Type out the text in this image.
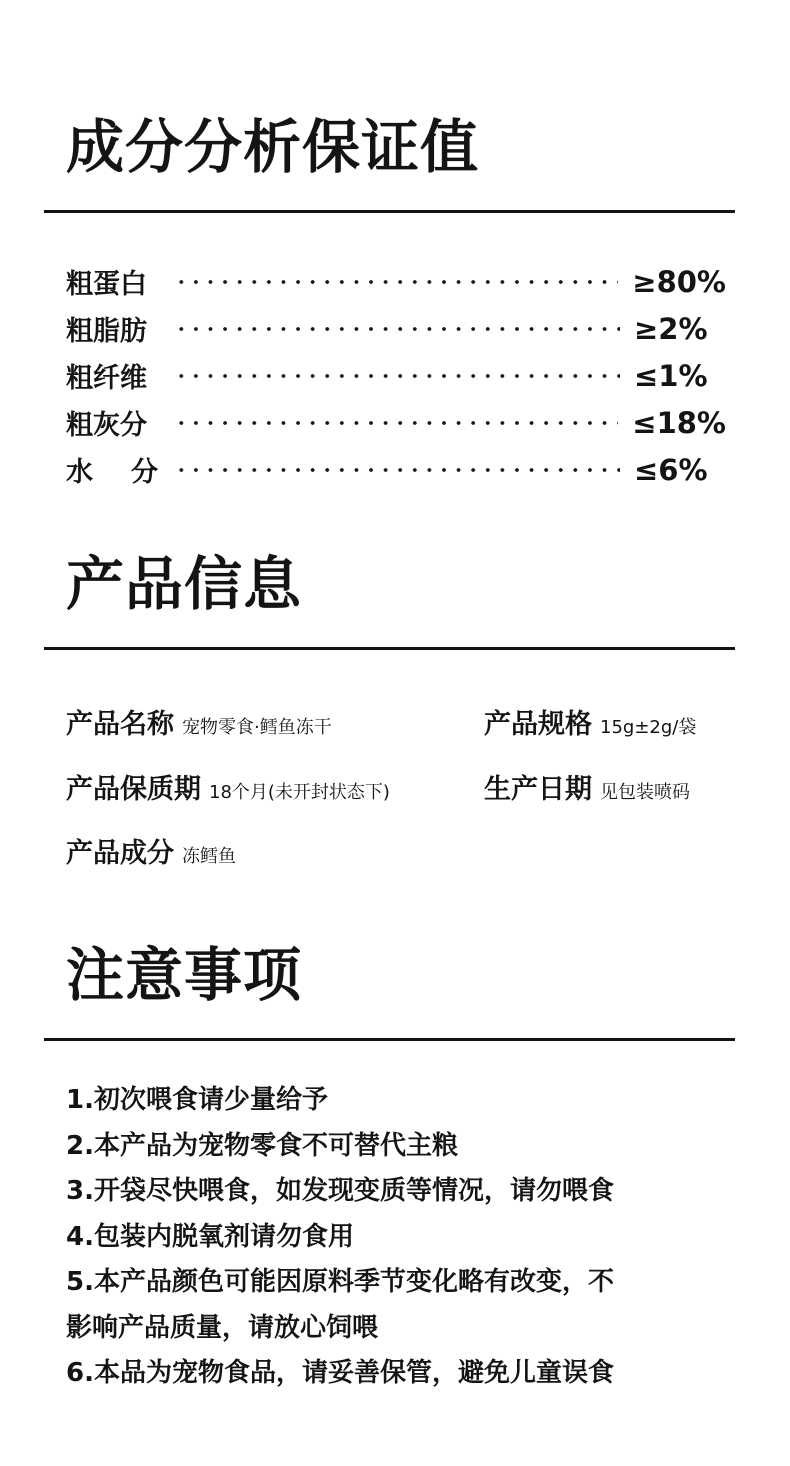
成分分析保证值
粗蛋白	≥80%
粗脂肪	≥2%
粗纤维	≤1%
粗灰分	≤18%
水 分	≤6%
产品信息
产品名称 宠物零食·鳕鱼冻干	产品规格 15g±2g/袋
产品保质期 18个月(未开封状态下)	生产日期 见包装喷码
产品成分 冻鳕鱼
注意事项
1.初次喂食请少量给予
2.本产品为宠物零食不可替代主粮
3.开袋尽快喂食，如发现变质等情况，请勿喂食
4.包装内脱氧剂请勿食用
5.本产品颜色可能因原料季节变化略有改变，不
影响产品质量，请放心饲喂
6.本品为宠物食品，请妥善保管，避免儿童误食
